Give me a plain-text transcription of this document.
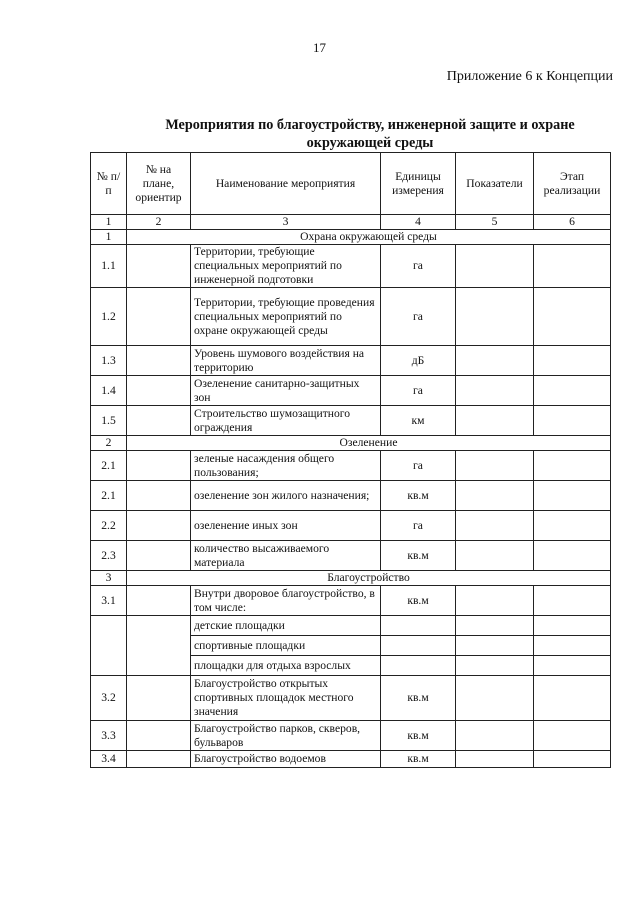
17
Приложение 6 к Концепции
Мероприятия по благоустройству, инженерной защите и охране окружающей среды
№ п/п	№ на плане, ориентир	Наименование мероприятия	Единицы измерения	Показатели	Этап реализации
1	2	3	4	5	6
1	Охрана окружающей среды				
1.1		Территории, требующие специальных мероприятий по инженерной подготовки	га		
1.2		Территории, требующие проведения специальных мероприятий по охране окружающей среды	га		
1.3		Уровень шумового воздействия на территорию	дБ		
1.4		Озеленение санитарно-защитных зон	га		
1.5		Строительство шумозащитного ограждения	км		
2	Озеленение				
2.1		зеленые насаждения общего пользования;	га		
2.1		озеленение зон жилого назначения;	кв.м		
2.2		озеленение иных зон	га		
2.3		количество высаживаемого материала	кв.м		
3	Благоустройство				
3.1		Внутри дворовое благоустройство, в том числе:	кв.м		
		детские площадки			
		спортивные площадки			
		площадки для отдыха взрослых			
3.2		Благоустройство открытых спортивных площадок местного значения	кв.м		
3.3		Благоустройство парков, скверов, бульваров	кв.м		
3.4		Благоустройство водоемов	кв.м		
